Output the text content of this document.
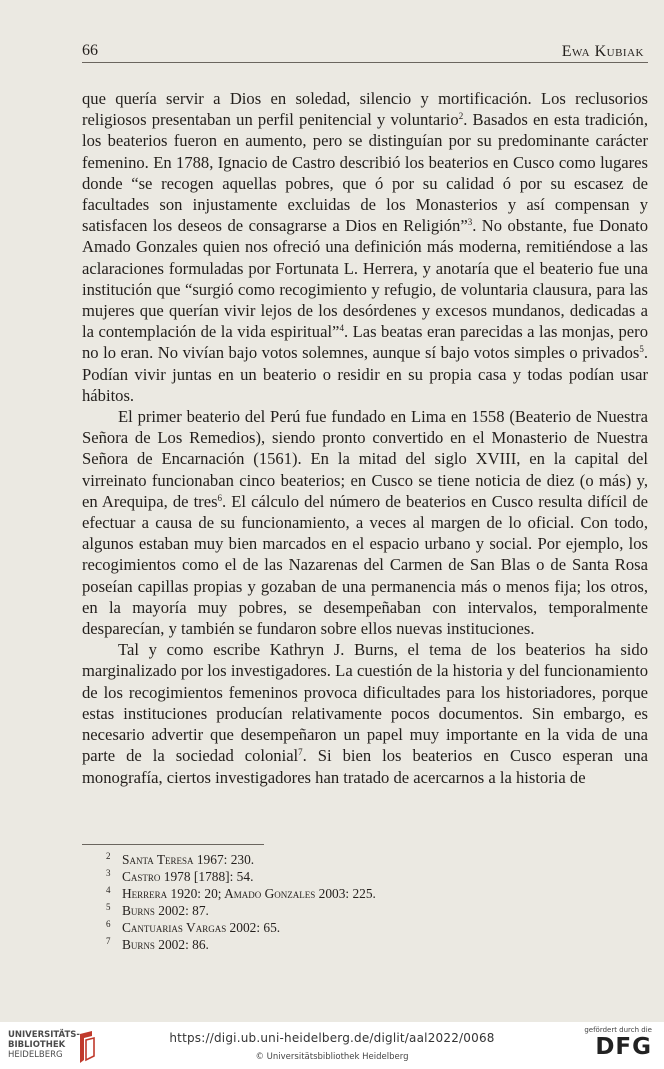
66	Ewa Kubiak

que quería servir a Dios en soledad, silencio y mortificación. Los reclusorios religiosos presentaban un perfil penitencial y voluntario$^2$. Basados en esta tradición, los beaterios fueron en aumento, pero se distinguían por su predominante carácter femenino. En 1788, Ignacio de Castro describió los beaterios en Cusco como lugares donde “se recogen aquellas pobres, que ó por su calidad ó por su escasez de facultades son injustamente excluidas de los Monasterios y así compensan y satisfacen los deseos de consagrarse a Dios en Religión”$^3$. No obstante, fue Donato Amado Gonzales quien nos ofreció una definición más moderna, remitiéndose a las aclaraciones formuladas por Fortunata L. Herrera, y anotaría que el beaterio fue una institución que “surgió como recogimiento y refugio, de voluntaria clausura, para las mujeres que querían vivir lejos de los desórdenes y excesos mundanos, dedicadas a la contemplación de la vida espiritual”$^4$. Las beatas eran parecidas a las monjas, pero no lo eran. No vivían bajo votos solemnes, aunque sí bajo votos simples o privados$^5$. Podían vivir juntas en un beaterio o residir en su propia casa y todas podían usar hábitos.

El primer beaterio del Perú fue fundado en Lima en 1558 (Beaterio de Nuestra Señora de Los Remedios), siendo pronto convertido en el Monasterio de Nuestra Señora de Encarnación (1561). En la mitad del siglo XVIII, en la capital del virreinato funcionaban cinco beaterios; en Cusco se tiene noticia de diez (o más) y, en Arequipa, de tres$^6$. El cálculo del número de beaterios en Cusco resulta difícil de efectuar a causa de su funcionamiento, a veces al margen de lo oficial. Con todo, algunos estaban muy bien marcados en el espacio urbano y social. Por ejemplo, los recogimientos como el de las Nazarenas del Carmen de San Blas o de Santa Rosa poseían capillas propias y gozaban de una permanencia más o menos fija; los otros, en la mayoría muy pobres, se desempeñaban con intervalos, temporalmente desparecían, y también se fundaron sobre ellos nuevas instituciones.

Tal y como escribe Kathryn J. Burns, el tema de los beaterios ha sido marginalizado por los investigadores. La cuestión de la historia y del funcionamiento de los recogimientos femeninos provoca dificultades para los historiadores, porque estas instituciones producían relativamente pocos documentos. Sin embargo, es necesario advertir que desempeñaron un papel muy importante en la vida de una parte de la sociedad colonial$^7$. Si bien los beaterios en Cusco esperan una monografía, ciertos investigadores han tratado de acercarnos a la historia de

2 Santa Teresa 1967: 230.
3 Castro 1978 [1788]: 54.
4 Herrera 1920: 20; Amado Gonzales 2003: 225.
5 Burns 2002: 87.
6 Cantuarias Vargas 2002: 65.
7 Burns 2002: 86.
UNIVERSITÄTS-
BIBLIOTHEK
HEIDELBERG
https://digi.ub.uni-heidelberg.de/diglit/aal2022/0068
© Universitätsbibliothek Heidelberg
gefördert durch die
DFG
